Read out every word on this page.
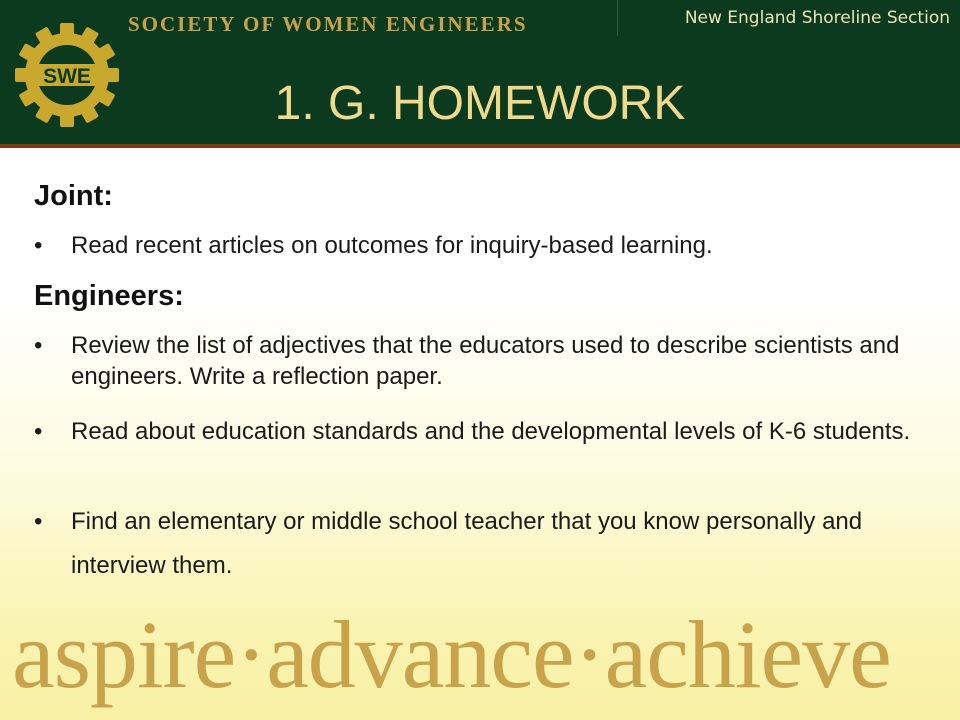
SOCIETY OF WOMEN ENGINEERS	New England Shoreline Section
SWE
1. G. HOMEWORK
Joint:
• Read recent articles on outcomes for inquiry-based learning.
Engineers:
• Review the list of adjectives that the educators used to describe scientists and engineers. Write a reflection paper.
• Read about education standards and the developmental levels of K-6 students.
• Find an elementary or middle school teacher that you know personally and interview them.
aspire·advance·achieve
